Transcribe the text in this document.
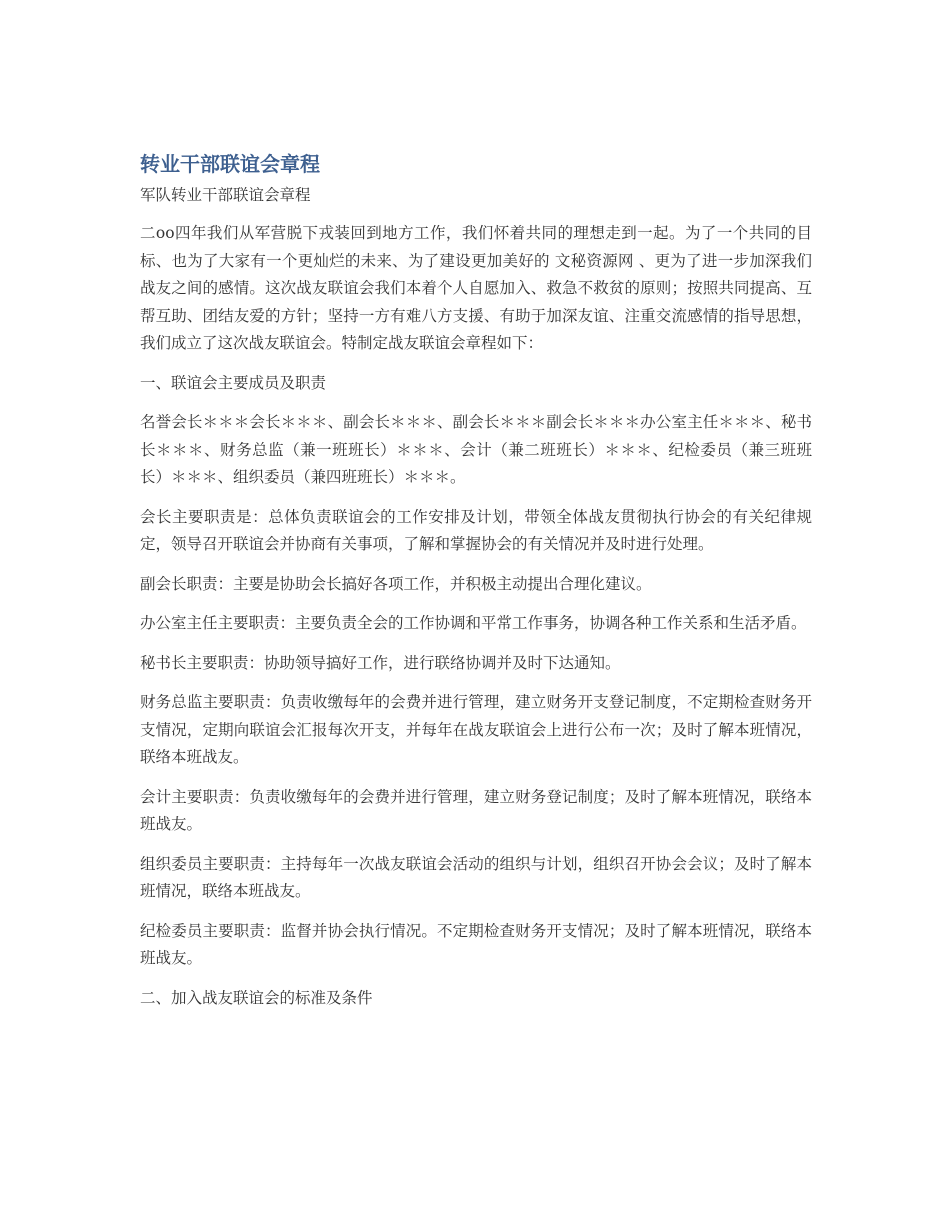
转业干部联谊会章程

军队转业干部联谊会章程

二oo四年我们从军营脱下戎装回到地方工作，我们怀着共同的理想走到一起。为了一个共同的目标、也为了大家有一个更灿烂的未来、为了建设更加美好的 文秘资源网 、更为了进一步加深我们战友之间的感情。这次战友联谊会我们本着个人自愿加入、救急不救贫的原则；按照共同提高、互帮互助、团结友爱的方针；坚持一方有难八方支援、有助于加深友谊、注重交流感情的指导思想，我们成立了这次战友联谊会。特制定战友联谊会章程如下：

一、联谊会主要成员及职责

名誉会长＊＊＊会长＊＊＊、副会长＊＊＊、副会长＊＊＊副会长＊＊＊办公室主任＊＊＊、秘书长＊＊＊、财务总监（兼一班班长）＊＊＊、会计（兼二班班长）＊＊＊、纪检委员（兼三班班长）＊＊＊、组织委员（兼四班班长）＊＊＊。

会长主要职责是：总体负责联谊会的工作安排及计划，带领全体战友贯彻执行协会的有关纪律规定，领导召开联谊会并协商有关事项，了解和掌握协会的有关情况并及时进行处理。

副会长职责：主要是协助会长搞好各项工作，并积极主动提出合理化建议。

办公室主任主要职责：主要负责全会的工作协调和平常工作事务，协调各种工作关系和生活矛盾。

秘书长主要职责：协助领导搞好工作，进行联络协调并及时下达通知。

财务总监主要职责：负责收缴每年的会费并进行管理，建立财务开支登记制度，不定期检查财务开支情况，定期向联谊会汇报每次开支，并每年在战友联谊会上进行公布一次；及时了解本班情况，联络本班战友。

会计主要职责：负责收缴每年的会费并进行管理，建立财务登记制度；及时了解本班情况，联络本班战友。

组织委员主要职责：主持每年一次战友联谊会活动的组织与计划，组织召开协会会议；及时了解本班情况，联络本班战友。

纪检委员主要职责：监督并协会执行情况。不定期检查财务开支情况；及时了解本班情况，联络本班战友。

二、加入战友联谊会的标准及条件
